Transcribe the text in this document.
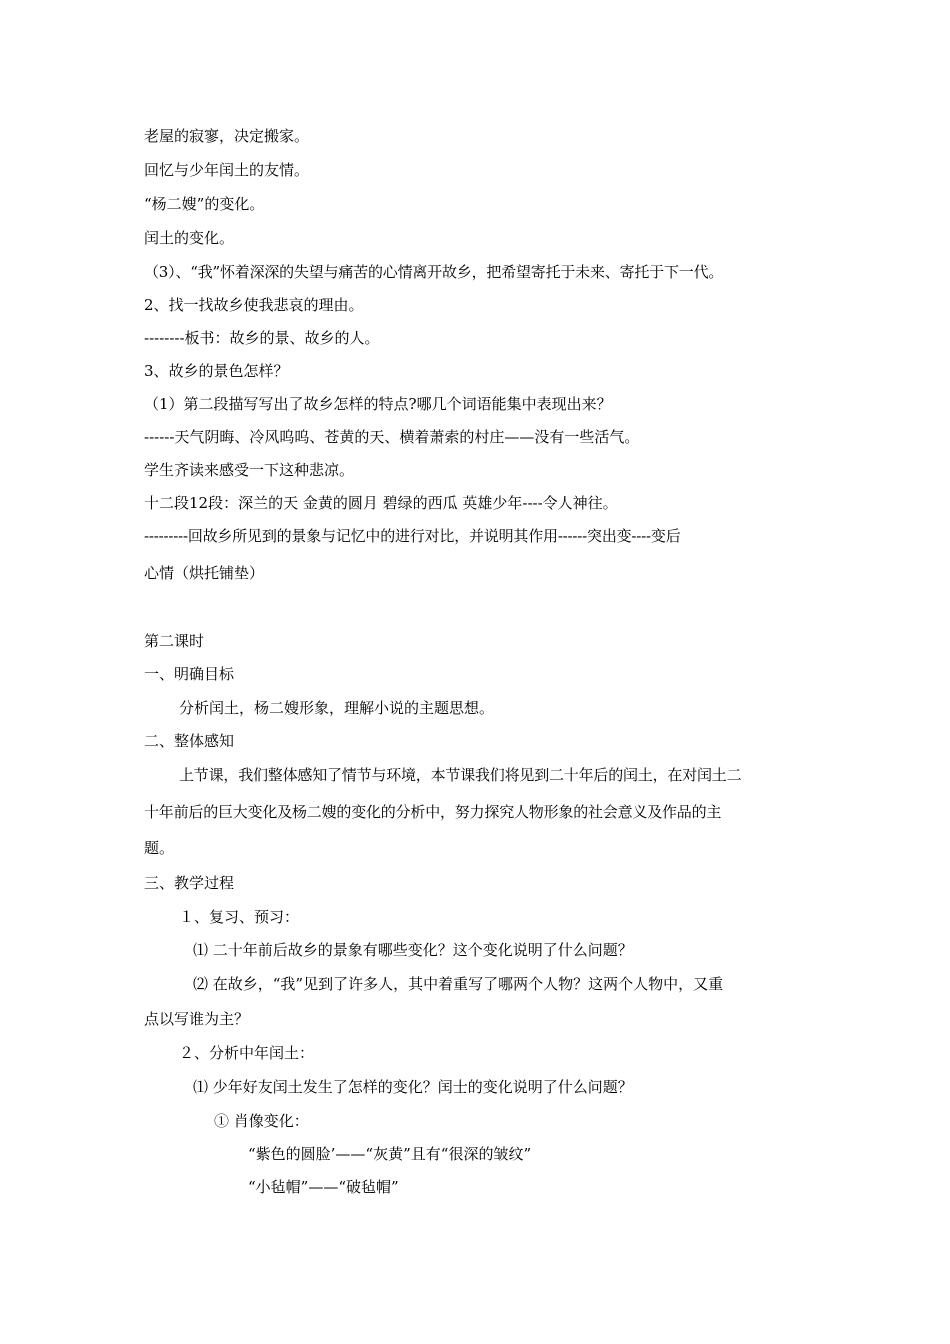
老屋的寂寥，决定搬家。
回忆与少年闰土的友情。
“杨二嫂”的变化。
闰土的变化。
（3）、“我”怀着深深的失望与痛苦的心情离开故乡，把希望寄托于未来、寄托于下一代。
2、找一找故乡使我悲哀的理由。
--------板书：故乡的景、故乡的人。
3、故乡的景色怎样？
（1）第二段描写写出了故乡怎样的特点?哪几个词语能集中表现出来？
------天气阴晦、冷风呜呜、苍黄的天、横着萧索的村庄——没有一些活气。
学生齐读来感受一下这种悲凉。
十二段12段：深兰的天 金黄的圆月 碧绿的西瓜 英雄少年----令人神往。
---------回故乡所见到的景象与记忆中的进行对比，并说明其作用------突出变----变后
心情（烘托铺垫）
第二课时
一、明确目标
分析闰土，杨二嫂形象，理解小说的主题思想。
二、整体感知
上节课，我们整体感知了情节与环境，本节课我们将见到二十年后的闰土，在对闰土二
十年前后的巨大变化及杨二嫂的变化的分析中，努力探究人物形象的社会意义及作品的主
题。
三、教学过程
１、复习、预习：
⑴ 二十年前后故乡的景象有哪些变化？这个变化说明了什么问题？
⑵ 在故乡，“我”见到了许多人，其中着重写了哪两个人物？这两个人物中，又重
点以写谁为主？
２、分析中年闰土：
⑴ 少年好友闰土发生了怎样的变化？闰士的变化说明了什么问题？
① 肖像变化：
“紫色的圆脸’——“灰黄”且有“很深的皱纹”
“小毡帽”——“破毡帽”
